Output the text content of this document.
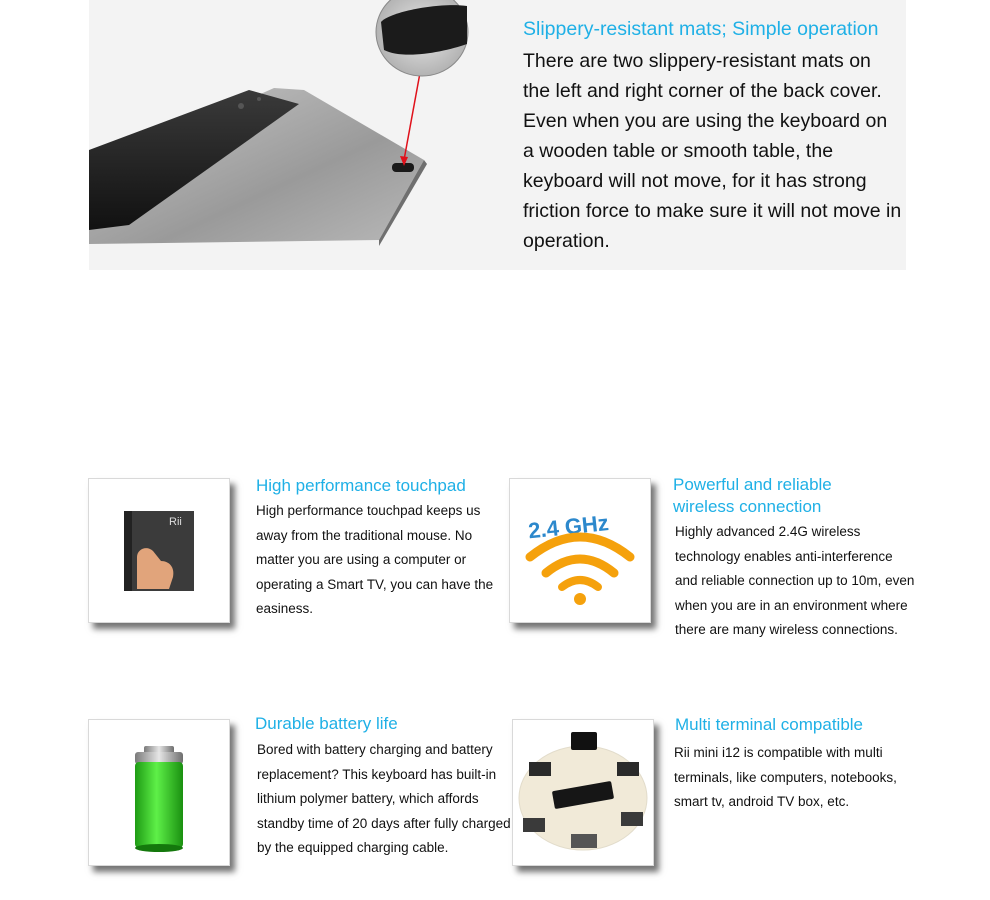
Slippery-resistant mats; Simple operation
There are two slippery-resistant mats on the left and right corner of the back cover. Even when you are using the keyboard on a wooden table or smooth table, the keyboard will not move, for it has strong friction force to make sure it will not move in operation.
Rii
High performance touchpad
High performance touchpad keeps us away from the traditional mouse. No matter you are using a computer or operating a Smart TV, you can have the easiness.
2.4 GHz
Powerful and reliable wireless connection
Highly advanced 2.4G wireless technology enables anti-interference and reliable connection up to 10m, even when you are in an environment where there are many wireless connections.
Durable battery life
Bored with battery charging and battery replacement? This keyboard has built-in lithium polymer battery, which affords standby time of 20 days after fully charged by the equipped charging cable.
Multi terminal compatible
Rii mini i12 is compatible with multi terminals, like computers, notebooks, smart tv, android TV box, etc.
